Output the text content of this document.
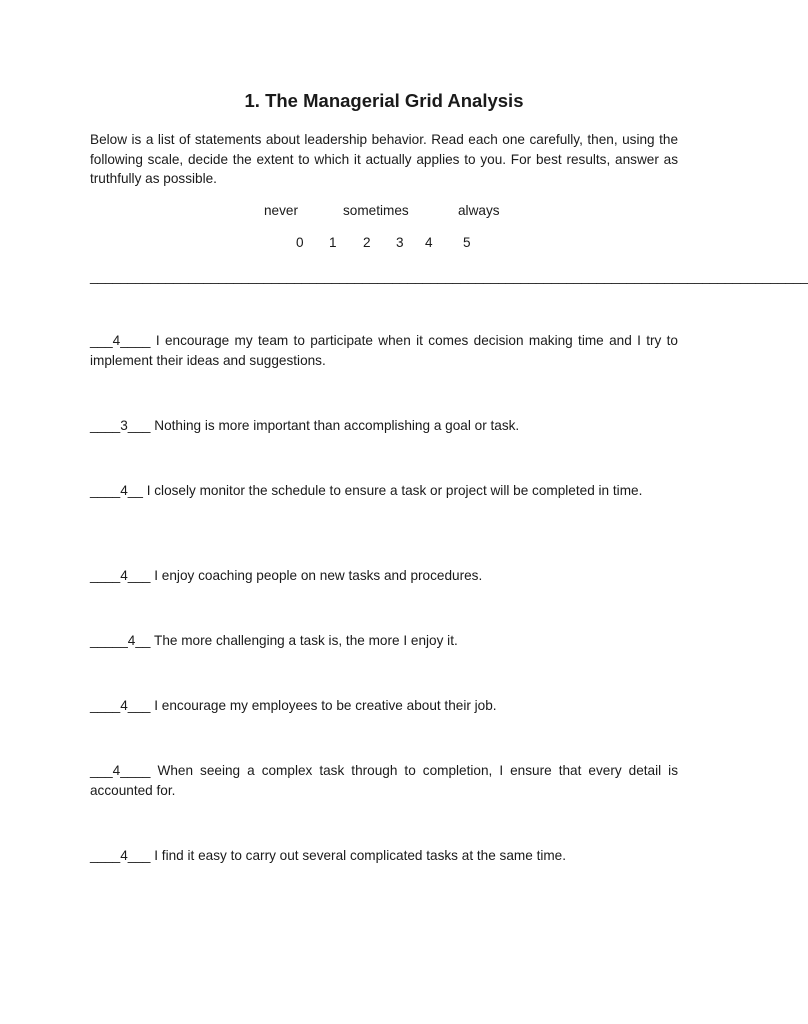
1. The Managerial Grid Analysis
Below is a list of statements about leadership behavior. Read each one carefully, then, using the following scale, decide the extent to which it actually applies to you. For best results, answer as truthfully as possible.
never	sometimes	always
0 1 2 3 4 5
_______________________________________________________________________________________________
___4____ I encourage my team to participate when it comes decision making time and I try to implement their ideas and suggestions.
____3___ Nothing is more important than accomplishing a goal or task.
____4__ I closely monitor the schedule to ensure a task or project will be completed in time.
____4___ I enjoy coaching people on new tasks and procedures.
_____4__ The more challenging a task is, the more I enjoy it.
____4___ I encourage my employees to be creative about their job.
___4____ When seeing a complex task through to completion, I ensure that every detail is accounted for.
____4___ I find it easy to carry out several complicated tasks at the same time.
